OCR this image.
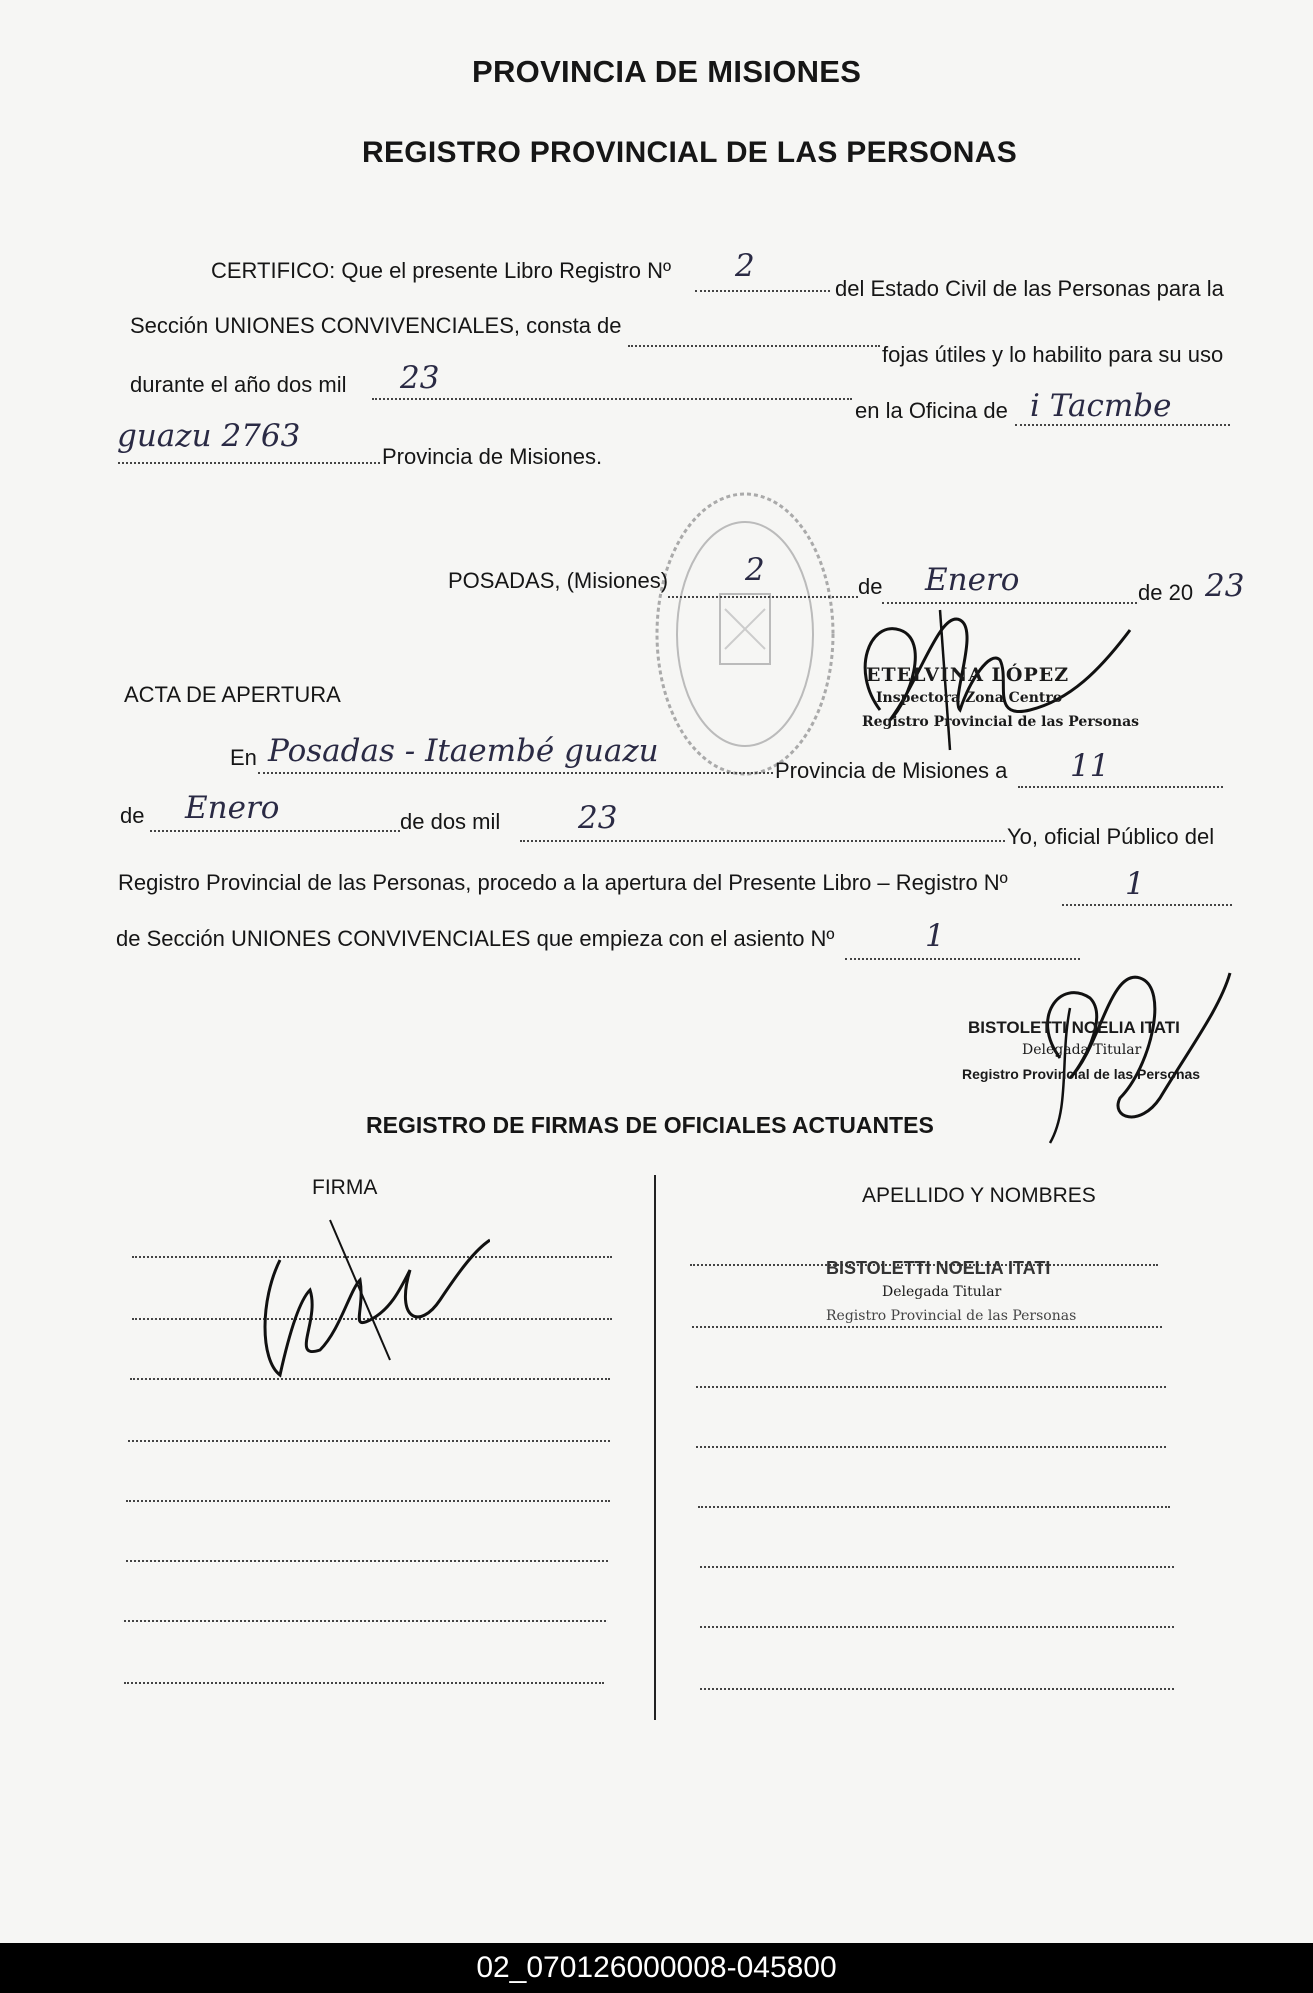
PROVINCIA DE MISIONES
REGISTRO PROVINCIAL DE LAS PERSONAS
CERTIFICO: Que el presente Libro Registro Nº 2
del Estado Civil de las Personas para la
Sección UNIONES CONVIVENCIALES, consta de
fojas útiles y lo habilito para su uso
durante el año dos mil 23
en la Oficina de i Tacmbe
guazu 2763
Provincia de Misiones.
POSADAS, (Misiones) 2	de Enero	de 20 23
ETELVINA LÓPEZ
Inspectora Zona Centro
Registro Provincial de las Personas
ACTA DE APERTURA
En Posadas - Itaembé guazu
Provincia de Misiones a 11
de Enero	de dos mil	23
Yo, oficial Público del
Registro Provincial de las Personas, procedo a la apertura del Presente Libro – Registro Nº	1
de Sección UNIONES CONVIVENCIALES que empieza con el asiento Nº	1
BISTOLETTI NOELIA ITATI
Delegada Titular
Registro Provincial de las Personas
REGISTRO DE FIRMAS DE OFICIALES ACTUANTES
FIRMA	APELLIDO Y NOMBRES
BISTOLETTI NOELIA ITATI
Delegada Titular
Registro Provincial de las Personas
02_070126000008-045800
